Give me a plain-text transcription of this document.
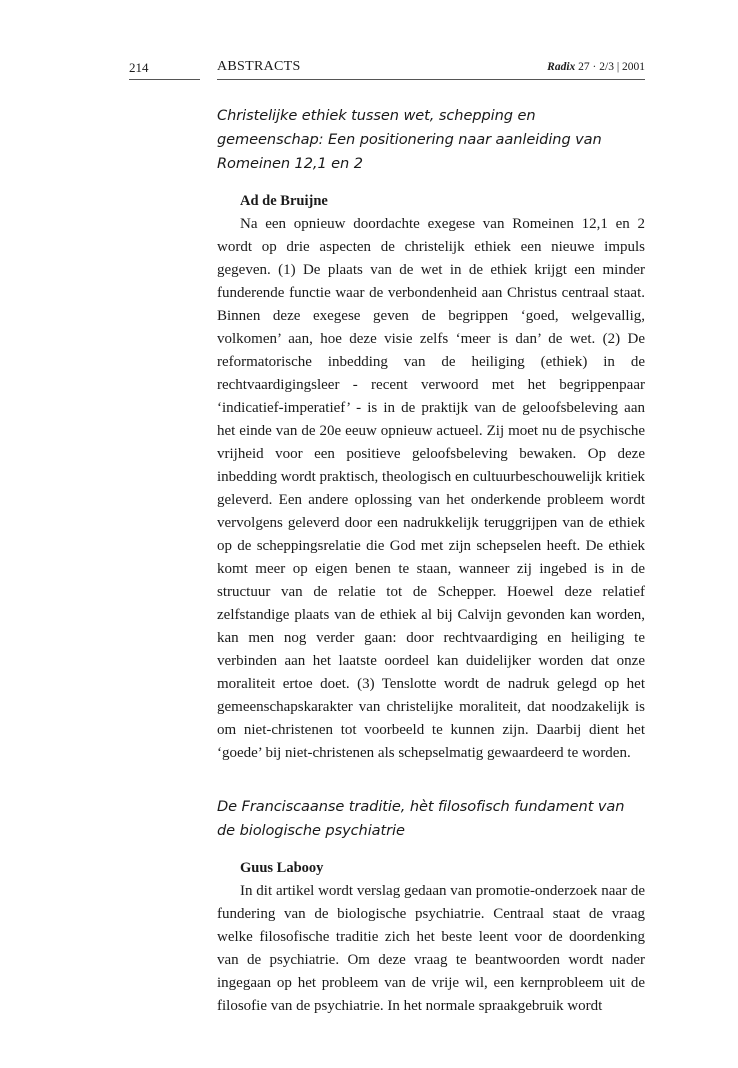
214	ABSTRACTS	Radix 27 · 2/3 | 2001
Christelijke ethiek tussen wet, schepping en gemeenschap: Een positionering naar aanleiding van Romeinen 12,1 en 2
Ad de Bruijne

Na een opnieuw doordachte exegese van Romeinen 12,1 en 2 wordt op drie aspecten de christelijk ethiek een nieuwe impuls gegeven. (1) De plaats van de wet in de ethiek krijgt een minder funderende functie waar de verbondenheid aan Christus centraal staat. Binnen deze exegese geven de begrippen ‘goed, welgevallig, volkomen’ aan, hoe deze visie zelfs ‘meer is dan’ de wet. (2) De reformatorische inbedding van de heiliging (ethiek) in de rechtvaardigingsleer - recent verwoord met het begrippenpaar ‘indicatief-imperatief’ - is in de praktijk van de geloofsbeleving aan het einde van de 20e eeuw opnieuw actueel. Zij moet nu de psychische vrijheid voor een positieve geloofsbeleving bewaken. Op deze inbedding wordt praktisch, theologisch en cultuurbeschouwelijk kritiek geleverd. Een andere oplossing van het onderkende probleem wordt vervolgens geleverd door een nadrukkelijk teruggrijpen van de ethiek op de scheppingsrelatie die God met zijn schepselen heeft. De ethiek komt meer op eigen benen te staan, wanneer zij ingebed is in de structuur van de relatie tot de Schepper. Hoewel deze relatief zelfstandige plaats van de ethiek al bij Calvijn gevonden kan worden, kan men nog verder gaan: door rechtvaardiging en heiliging te verbinden aan het laatste oordeel kan duidelijker worden dat onze moraliteit ertoe doet. (3) Tenslotte wordt de nadruk gelegd op het gemeenschapskarakter van christelijke moraliteit, dat noodzakelijk is om niet-christenen tot voorbeeld te kunnen zijn. Daarbij dient het ‘goede’ bij niet-christenen als schepselmatig gewaardeerd te worden.

De Franciscaanse traditie, hèt filosofisch fundament van de biologische psychiatrie
Guus Labooy

In dit artikel wordt verslag gedaan van promotie-onderzoek naar de fundering van de biologische psychiatrie. Centraal staat de vraag welke filosofische traditie zich het beste leent voor de doordenking van de psychiatrie. Om deze vraag te beantwoorden wordt nader ingegaan op het probleem van de vrije wil, een kernprobleem uit de filosofie van de psychiatrie. In het normale spraakgebruik wordt
